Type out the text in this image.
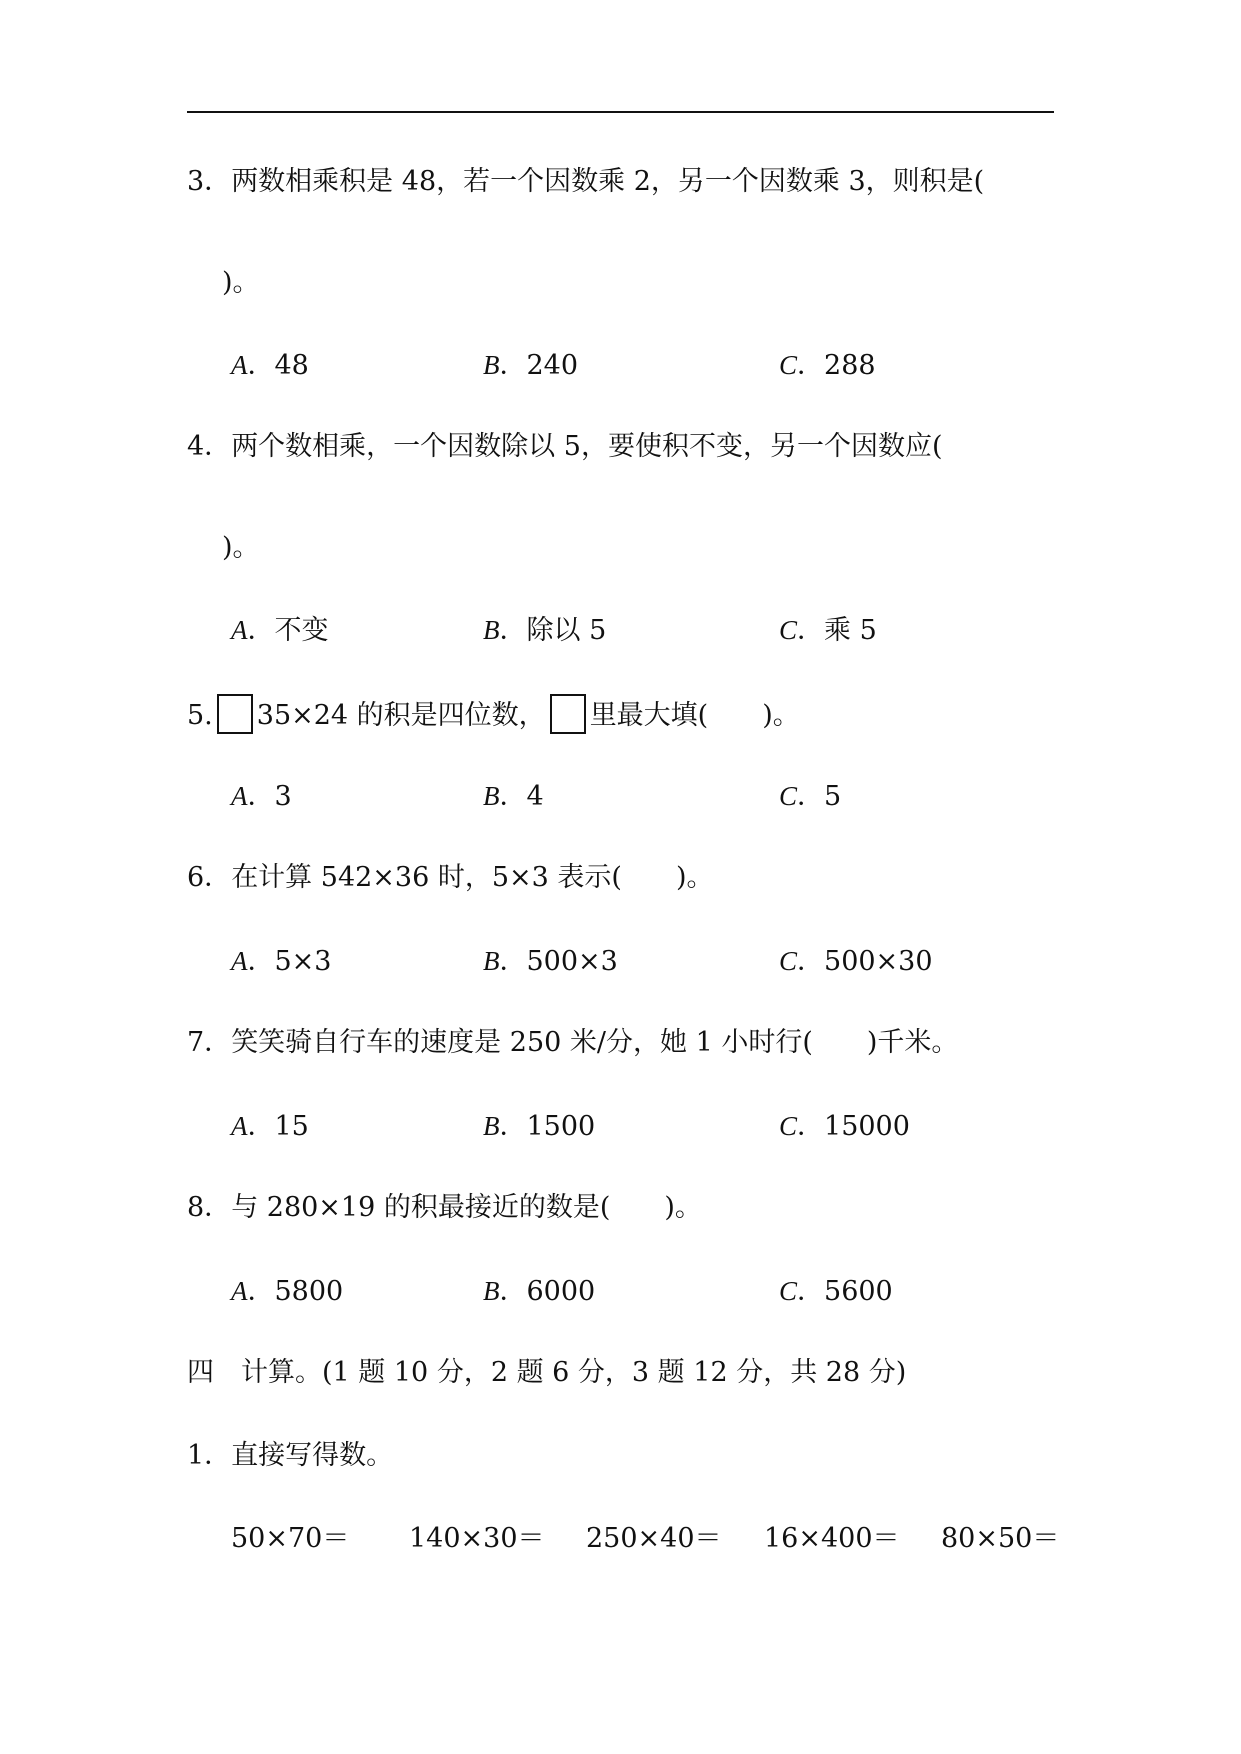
3．两数相乘积是 48，若一个因数乘 2，另一个因数乘 3，则积是(
)。
A．48	B．240	C．288
4．两个数相乘，一个因数除以 5，要使积不变，另一个因数应(
)。
A．不变	B．除以 5	C．乘 5
5. 35×24 的积是四位数， 里最大填(　　)。
A．3	B．4	C．5
6．在计算 542×36 时，5×3 表示(　　)。
A．5×3	B．500×3	C．500×30
7．笑笑骑自行车的速度是 250 米/分，她 1 小时行(　　)千米。
A．15	B．1500	C．15000
8．与 280×19 的积最接近的数是(　　)。
A．5800	B．6000	C．5600
四　计算。(1 题 10 分，2 题 6 分，3 题 12 分，共 28 分)
1．直接写得数。
50×70＝ 140×30＝ 250×40＝ 16×400＝ 80×50＝
